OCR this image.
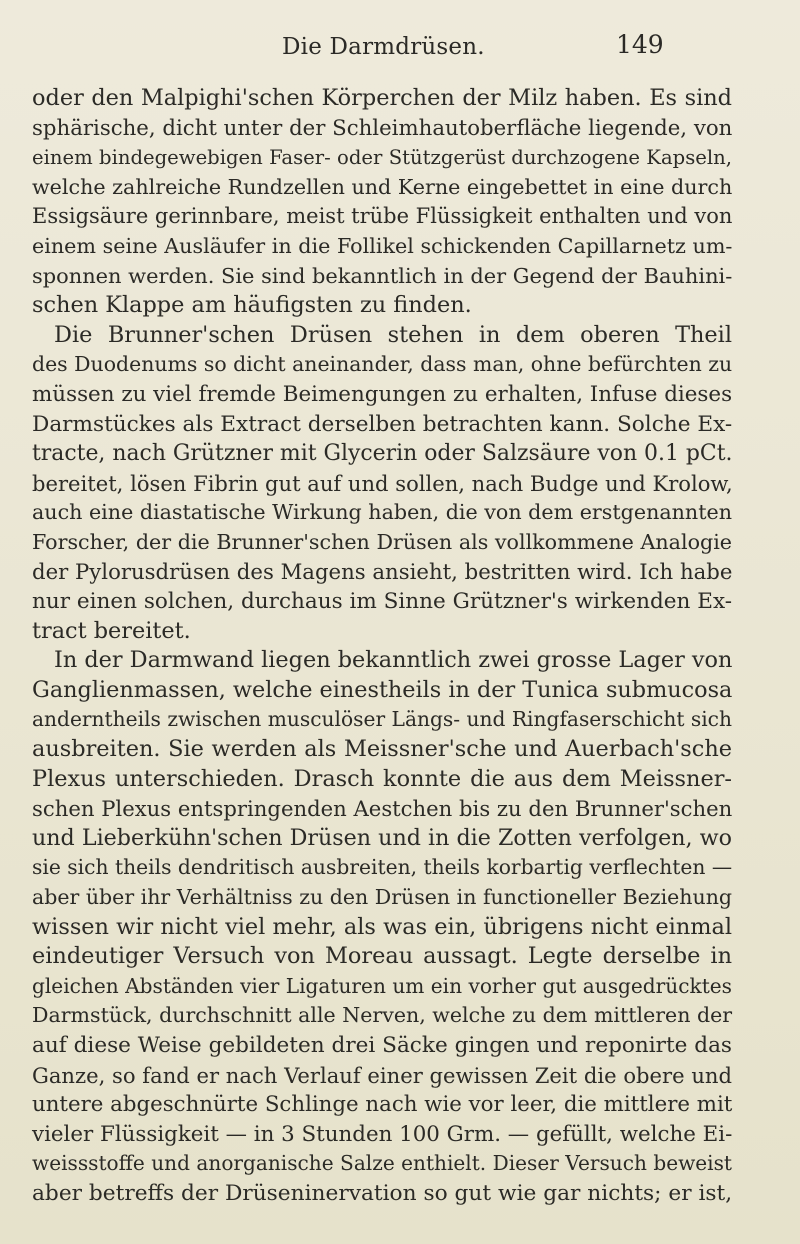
Die Darmdrüsen.	149
oder den Malpighi'schen Körperchen der Milz haben. Es sind
sphärische, dicht unter der Schleimhautoberfläche liegende, von
einem bindegewebigen Faser- oder Stützgerüst durchzogene Kapseln,
welche zahlreiche Rundzellen und Kerne eingebettet in eine durch
Essigsäure gerinnbare, meist trübe Flüssigkeit enthalten und von
einem seine Ausläufer in die Follikel schickenden Capillarnetz um-
sponnen werden. Sie sind bekanntlich in der Gegend der Bauhini-
schen Klappe am häufigsten zu finden.
Die Brunner'schen Drüsen stehen in dem oberen Theil
des Duodenums so dicht aneinander, dass man, ohne befürchten zu
müssen zu viel fremde Beimengungen zu erhalten, Infuse dieses
Darmstückes als Extract derselben betrachten kann. Solche Ex-
tracte, nach Grützner mit Glycerin oder Salzsäure von 0.1 pCt.
bereitet, lösen Fibrin gut auf und sollen, nach Budge und Krolow,
auch eine diastatische Wirkung haben, die von dem erstgenannten
Forscher, der die Brunner'schen Drüsen als vollkommene Analogie
der Pylorusdrüsen des Magens ansieht, bestritten wird. Ich habe
nur einen solchen, durchaus im Sinne Grützner's wirkenden Ex-
tract bereitet.
In der Darmwand liegen bekanntlich zwei grosse Lager von
Ganglienmassen, welche einestheils in der Tunica submucosa
anderntheils zwischen musculöser Längs- und Ringfaserschicht sich
ausbreiten. Sie werden als Meissner'sche und Auerbach'sche
Plexus unterschieden. Drasch konnte die aus dem Meissner-
schen Plexus entspringenden Aestchen bis zu den Brunner'schen
und Lieberkühn'schen Drüsen und in die Zotten verfolgen, wo
sie sich theils dendritisch ausbreiten, theils korbartig verflechten —
aber über ihr Verhältniss zu den Drüsen in functioneller Beziehung
wissen wir nicht viel mehr, als was ein, übrigens nicht einmal
eindeutiger Versuch von Moreau aussagt. Legte derselbe in
gleichen Abständen vier Ligaturen um ein vorher gut ausgedrücktes
Darmstück, durchschnitt alle Nerven, welche zu dem mittleren der
auf diese Weise gebildeten drei Säcke gingen und reponirte das
Ganze, so fand er nach Verlauf einer gewissen Zeit die obere und
untere abgeschnürte Schlinge nach wie vor leer, die mittlere mit
vieler Flüssigkeit — in 3 Stunden 100 Grm. — gefüllt, welche Ei-
weissstoffe und anorganische Salze enthielt. Dieser Versuch beweist
aber betreffs der Drüseninervation so gut wie gar nichts; er ist,
